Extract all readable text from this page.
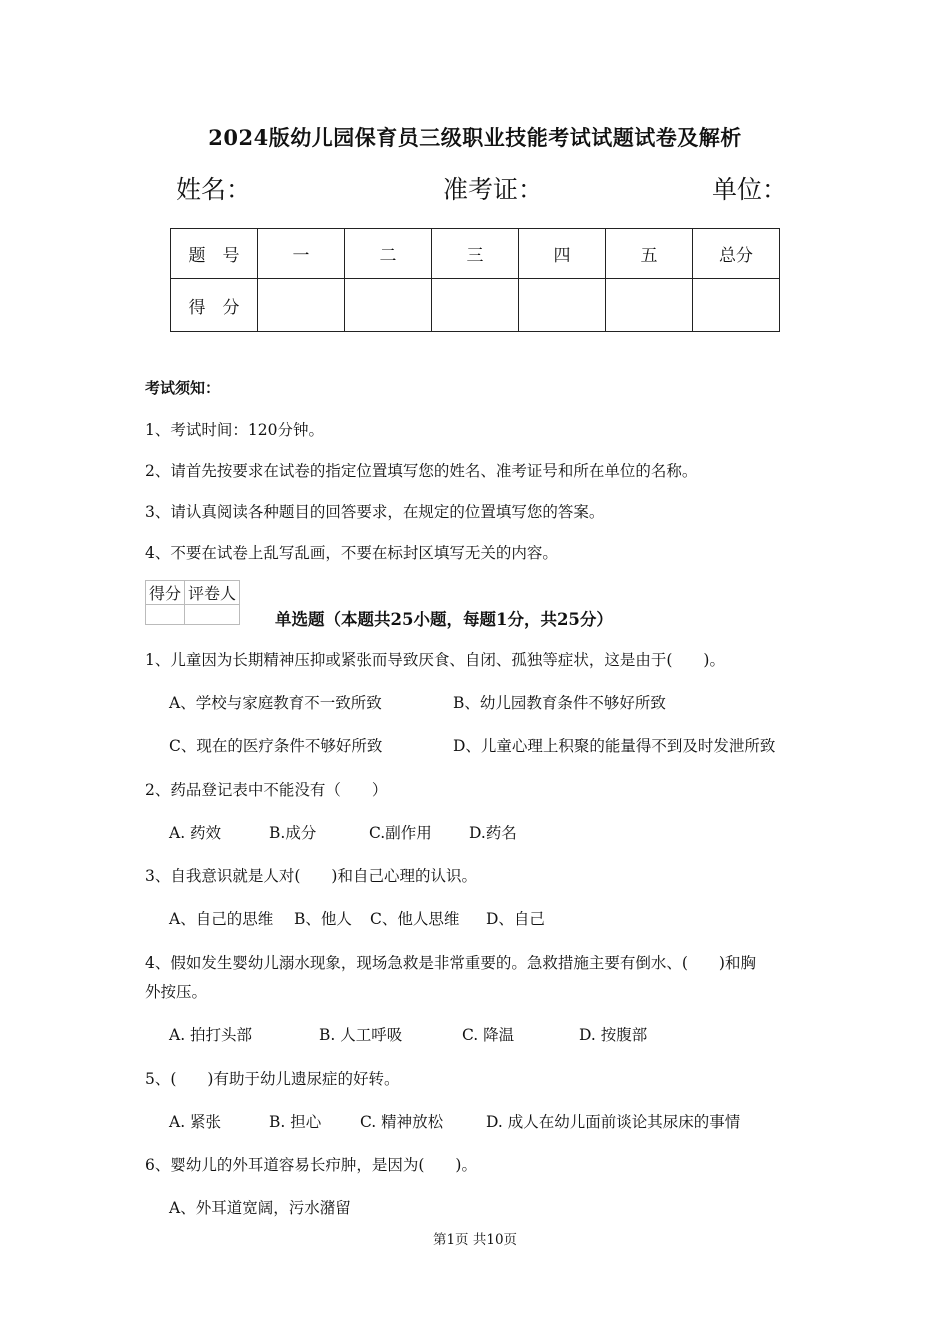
2024版幼儿园保育员三级职业技能考试试题试卷及解析
姓名：	准考证：	单位：
题　号	一	二	三	四	五	总分
得　分						
考试须知：
1、考试时间：120分钟。
2、请首先按要求在试卷的指定位置填写您的姓名、准考证号和所在单位的名称。
3、请认真阅读各种题目的回答要求，在规定的位置填写您的答案。
4、不要在试卷上乱写乱画，不要在标封区填写无关的内容。
得分	评卷人

单选题（本题共25小题，每题1分，共25分）
1、儿童因为长期精神压抑或紧张而导致厌食、自闭、孤独等症状，这是由于(　　)。
A、学校与家庭教育不一致所致	B、幼儿园教育条件不够好所致
C、现在的医疗条件不够好所致	D、儿童心理上积聚的能量得不到及时发泄所致
2、药品登记表中不能没有（　　）
A. 药效	B.成分	C.副作用 D.药名
3、自我意识就是人对(　　)和自己心理的认识。
A、自己的思维 B、他人 C、他人思维 D、自己
4、假如发生婴幼儿溺水现象，现场急救是非常重要的。急救措施主要有倒水、(　　)和胸
外按压。
A. 拍打头部	B. 人工呼吸	C. 降温	D. 按腹部
5、(　　)有助于幼儿遗尿症的好转。
A. 紧张	B. 担心	C. 精神放松	D. 成人在幼儿面前谈论其尿床的事情
6、婴幼儿的外耳道容易长疖肿，是因为(　　)。
A、外耳道宽阔，污水潴留
第1页 共10页
